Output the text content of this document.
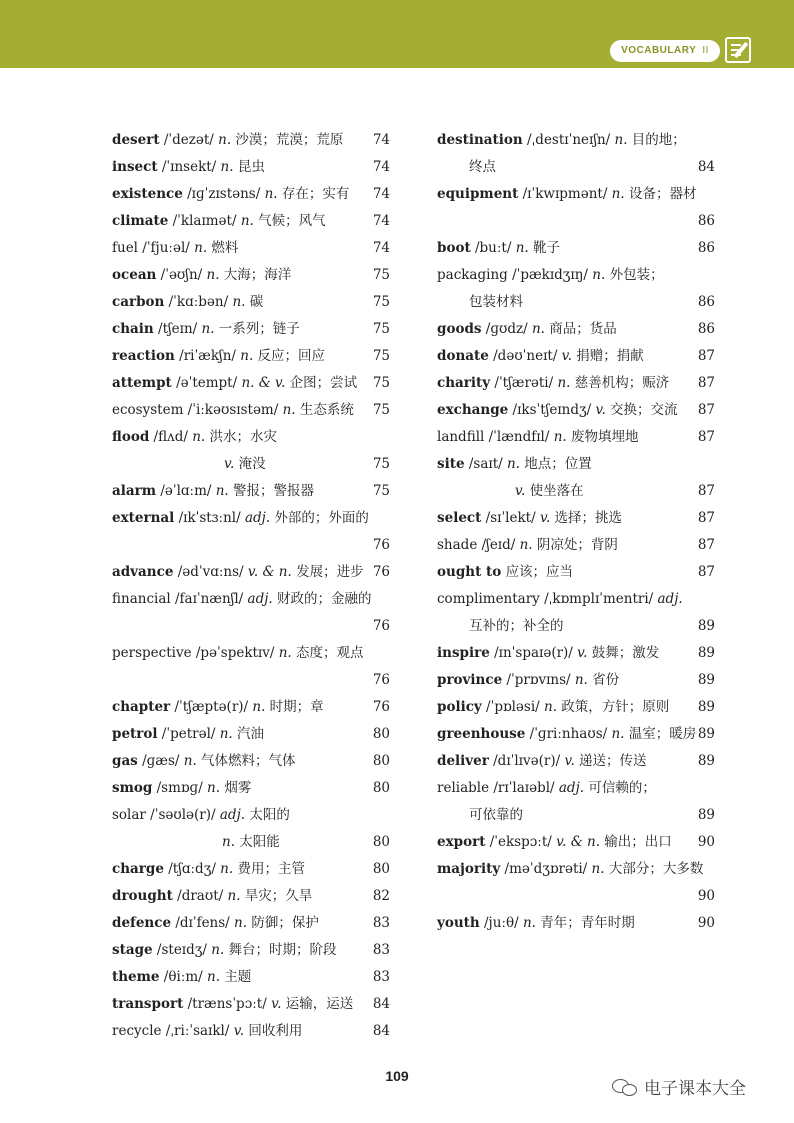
VOCABULARY II
desert /ˈdezət/ n. 沙漠；荒漠；荒原 74
insect /ˈɪnsekt/ n. 昆虫	74
existence /ɪɡˈzɪstəns/ n. 存在；实有 74
climate /ˈklaɪmət/ n. 气候；风气	74
fuel /ˈfjuːəl/ n. 燃料	74
ocean /ˈəʊʃn/ n. 大海；海洋	75
carbon /ˈkɑːbən/ n. 碳	75
chain /tʃeɪn/ n. 一系列；链子	75
reaction /riˈækʃn/ n. 反应；回应	75
attempt /əˈtempt/ n. & v. 企图；尝试 75
ecosystem /ˈiːkəʊsɪstəm/ n. 生态系统 75
flood /flʌd/ n. 洪水；水灾
v. 淹没	75
alarm /əˈlɑːm/ n. 警报；警报器	75
external /ɪkˈstɜːnl/ adj. 外部的；外面的
76
advance /ədˈvɑːns/ v. & n. 发展；进步 76
financial /faɪˈnænʃl/ adj. 财政的；金融的
76
perspective /pəˈspektɪv/ n. 态度；观点
76
chapter /ˈtʃæptə(r)/ n. 时期；章	76
petrol /ˈpetrəl/ n. 汽油	80
gas /ɡæs/ n. 气体燃料；气体	80
smog /smɒɡ/ n. 烟雾	80
solar /ˈsəʊlə(r)/ adj. 太阳的
n. 太阳能	80
charge /tʃɑːdʒ/ n. 费用；主管	80
drought /draʊt/ n. 旱灾；久旱	82
defence /dɪˈfens/ n. 防御；保护	83
stage /steɪdʒ/ n. 舞台；时期；阶段	83
theme /θiːm/ n. 主题	83
transport /trænsˈpɔːt/ v. 运输，运送 84
recycle /ˌriːˈsaɪkl/ v. 回收利用	84
destination /ˌdestɪˈneɪʃn/ n. 目的地；
终点	84
equipment /ɪˈkwɪpmənt/ n. 设备；器材
86
boot /buːt/ n. 靴子	86
packaging /ˈpækɪdʒɪŋ/ n. 外包装；
包装材料	86
goods /ɡʊdz/ n. 商品；货品	86
donate /dəʊˈneɪt/ v. 捐赠；捐献	87
charity /ˈtʃærəti/ n. 慈善机构；赈济 87
exchange /ɪksˈtʃeɪndʒ/ v. 交换；交流 87
landfill /ˈlændfɪl/ n. 废物填埋地	87
site /saɪt/ n. 地点；位置
v. 使坐落在	87
select /sɪˈlekt/ v. 选择；挑选	87
shade /ʃeɪd/ n. 阴凉处；背阴	87
ought to 应该；应当	87
complimentary /ˌkɒmplɪˈmentri/ adj.
互补的；补全的	89
inspire /ɪnˈspaɪə(r)/ v. 鼓舞；激发	89
province /ˈprɒvɪns/ n. 省份	89
policy /ˈpɒləsi/ n. 政策，方针；原则 89
greenhouse /ˈɡriːnhaʊs/ n. 温室；暖房 89
deliver /dɪˈlɪvə(r)/ v. 递送；传送	89
reliable /rɪˈlaɪəbl/ adj. 可信赖的；
可依靠的	89
export /ˈekspɔːt/ v. & n. 输出；出口 90
majority /məˈdʒɒrəti/ n. 大部分；大多数
90
youth /juːθ/ n. 青年；青年时期	90
109
电子课本大全
